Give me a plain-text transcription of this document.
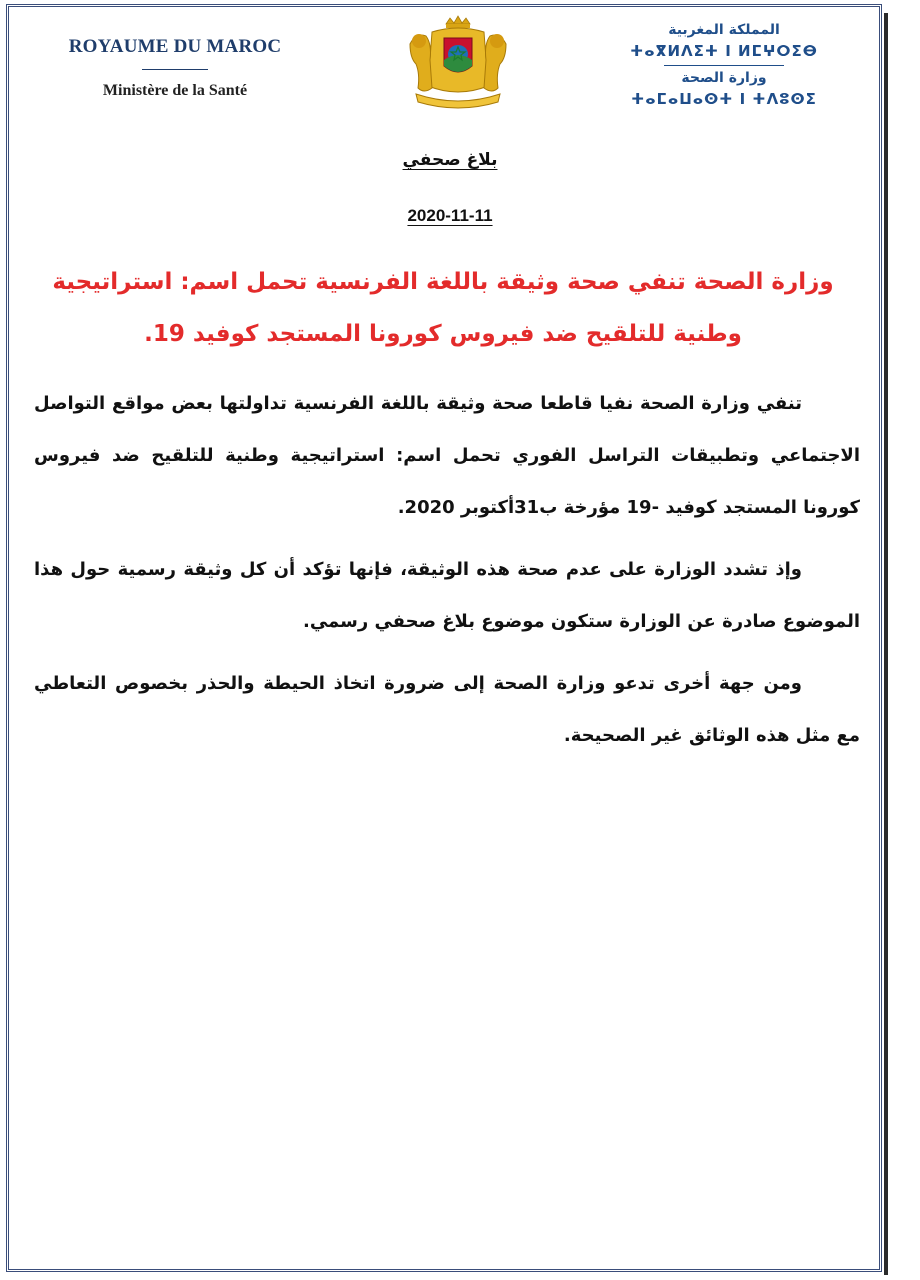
ROYAUME DU MAROC
Ministère de la Santé
المملكة المغربية
ⵜⴰⴳⵍⴷⵉⵜ ⵏ ⵍⵎⵖⵔⵉⴱ
وزارة الصحة
ⵜⴰⵎⴰⵡⴰⵙⵜ ⵏ ⵜⴷⵓⵙⵉ
بلاغ صحفي
2020-11-11
وزارة الصحة تنفي صحة وثيقة باللغة الفرنسية تحمل اسم: استراتيجية وطنية للتلقيح ضد فيروس كورونا المستجد كوفيد 19.
تنفي وزارة الصحة نفيا قاطعا صحة وثيقة باللغة الفرنسية تداولتها بعض مواقع التواصل الاجتماعي وتطبيقات التراسل الفوري تحمل اسم: استراتيجية وطنية للتلقيح ضد فيروس كورونا المستجد كوفيد -19 مؤرخة ب31أكتوبر 2020.
وإذ تشدد الوزارة على عدم صحة هذه الوثيقة، فإنها تؤكد أن كل وثيقة رسمية حول هذا الموضوع صادرة عن الوزارة ستكون موضوع بلاغ صحفي رسمي.
ومن جهة أخرى تدعو وزارة الصحة إلى ضرورة اتخاذ الحيطة والحذر بخصوص التعاطي مع مثل هذه الوثائق غير الصحيحة.
